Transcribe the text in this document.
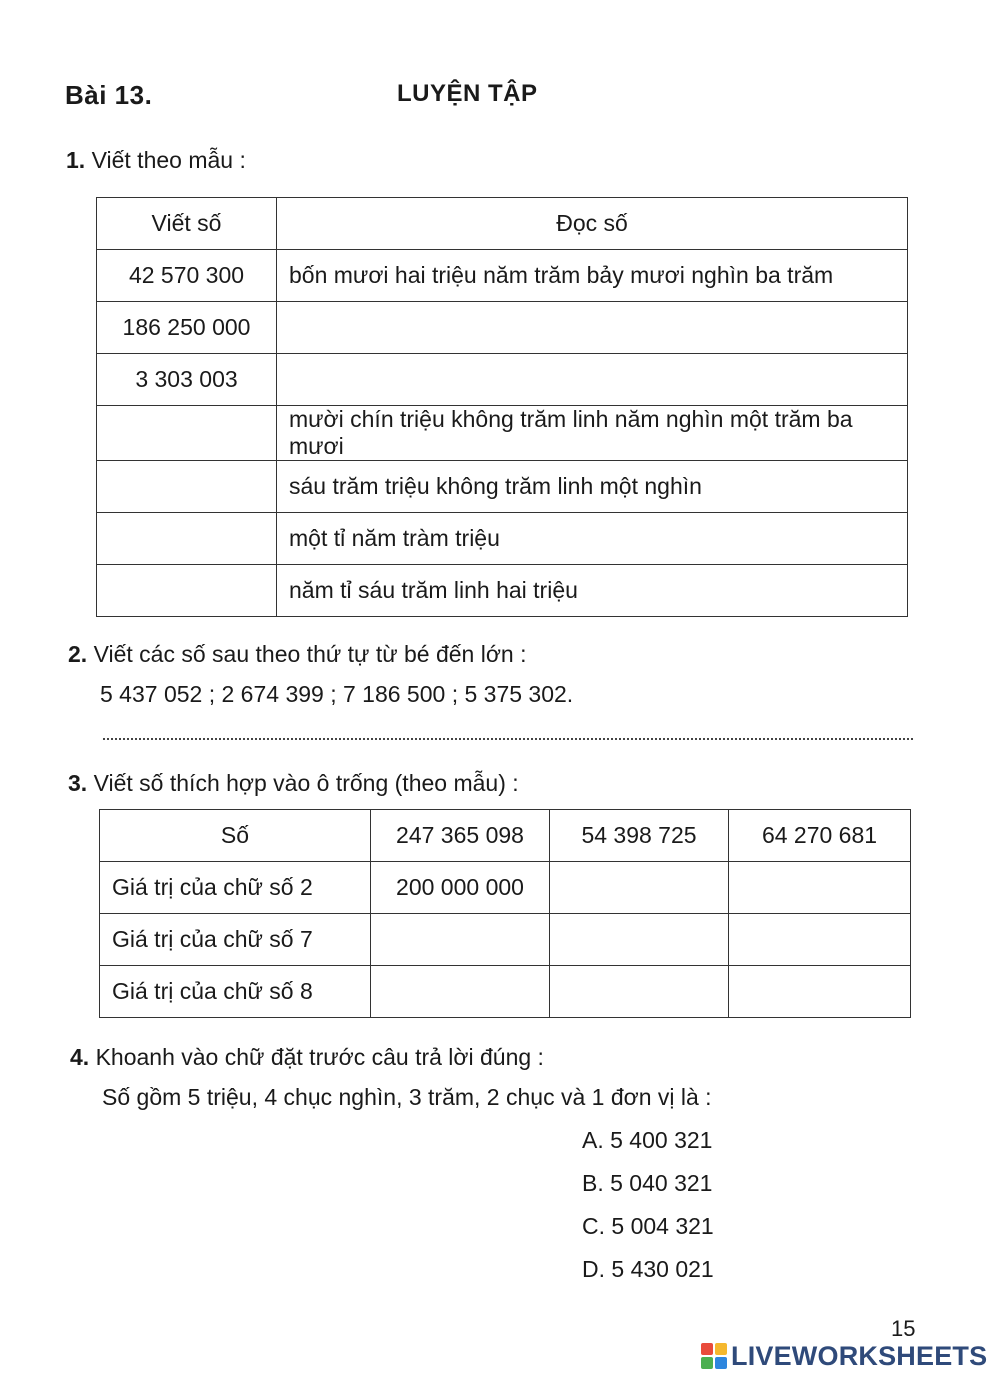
Bài 13.	LUYỆN TẬP
1. Viết theo mẫu :
Viết số	Đọc số
42 570 300	bốn mươi hai triệu năm trăm bảy mươi nghìn ba trăm
186 250 000	
3 303 003	
	mười chín triệu không trăm linh năm nghìn một trăm ba mươi
	sáu trăm triệu không trăm linh một nghìn
	một tỉ năm tràm triệu
	năm tỉ sáu trăm linh hai triệu
2. Viết các số sau theo thứ tự từ bé đến lớn :
5 437 052 ; 2 674 399 ; 7 186 500 ; 5 375 302.
3. Viết số thích hợp vào ô trống (theo mẫu) :
Số	247 365 098	54 398 725	64 270 681
Giá trị của chữ số 2	200 000 000		
Giá trị của chữ số 7			
Giá trị của chữ số 8			
4. Khoanh vào chữ đặt trước câu trả lời đúng :
Số gồm 5 triệu, 4 chục nghìn, 3 trăm, 2 chục và 1 đơn vị là :
A. 5 400 321
B. 5 040 321
C. 5 004 321
D. 5 430 021
15
LIVEWORKSHEETS
